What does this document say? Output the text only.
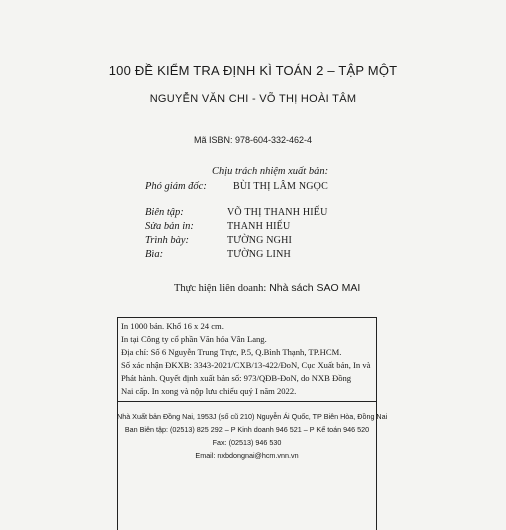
100 ĐỀ KIỂM TRA ĐỊNH KÌ TOÁN 2 – TẬP MỘT
NGUYỄN VĂN CHI - VÕ THỊ HOÀI TÂM
Mã ISBN: 978-604-332-462-4
Chịu trách nhiệm xuất bản:
Phó giám đốc:	BÙI THỊ LÂM NGỌC
Biên tập:	VÕ THỊ THANH HIẾU
Sửa bản in:	THANH HIẾU
Trình bày:	TƯỜNG NGHI
Bìa:	TƯỜNG LINH
Thực hiện liên doanh: Nhà sách SAO MAI
In 1000 bản. Khổ 16 x 24 cm.
In tại Công ty cổ phần Văn hóa Vân Lang.
Địa chỉ: Số 6 Nguyễn Trung Trực, P.5, Q.Bình Thạnh, TP.HCM.
Số xác nhận ĐKXB: 3343-2021/CXB/13-422/ĐoN, Cục Xuất bản, In và
Phát hành. Quyết định xuất bản số: 973/QĐB-ĐoN, do NXB Đồng
Nai cấp. In xong và nộp lưu chiểu quý I năm 2022.
Nhà Xuất bản Đồng Nai, 1953J (số cũ 210) Nguyễn Ái Quốc, TP Biên Hòa, Đồng Nai
Ban Biên tập: (02513) 825 292 – P Kinh doanh 946 521 – P Kế toán 946 520
Fax: (02513) 946 530
Email: nxbdongnai@hcm.vnn.vn
